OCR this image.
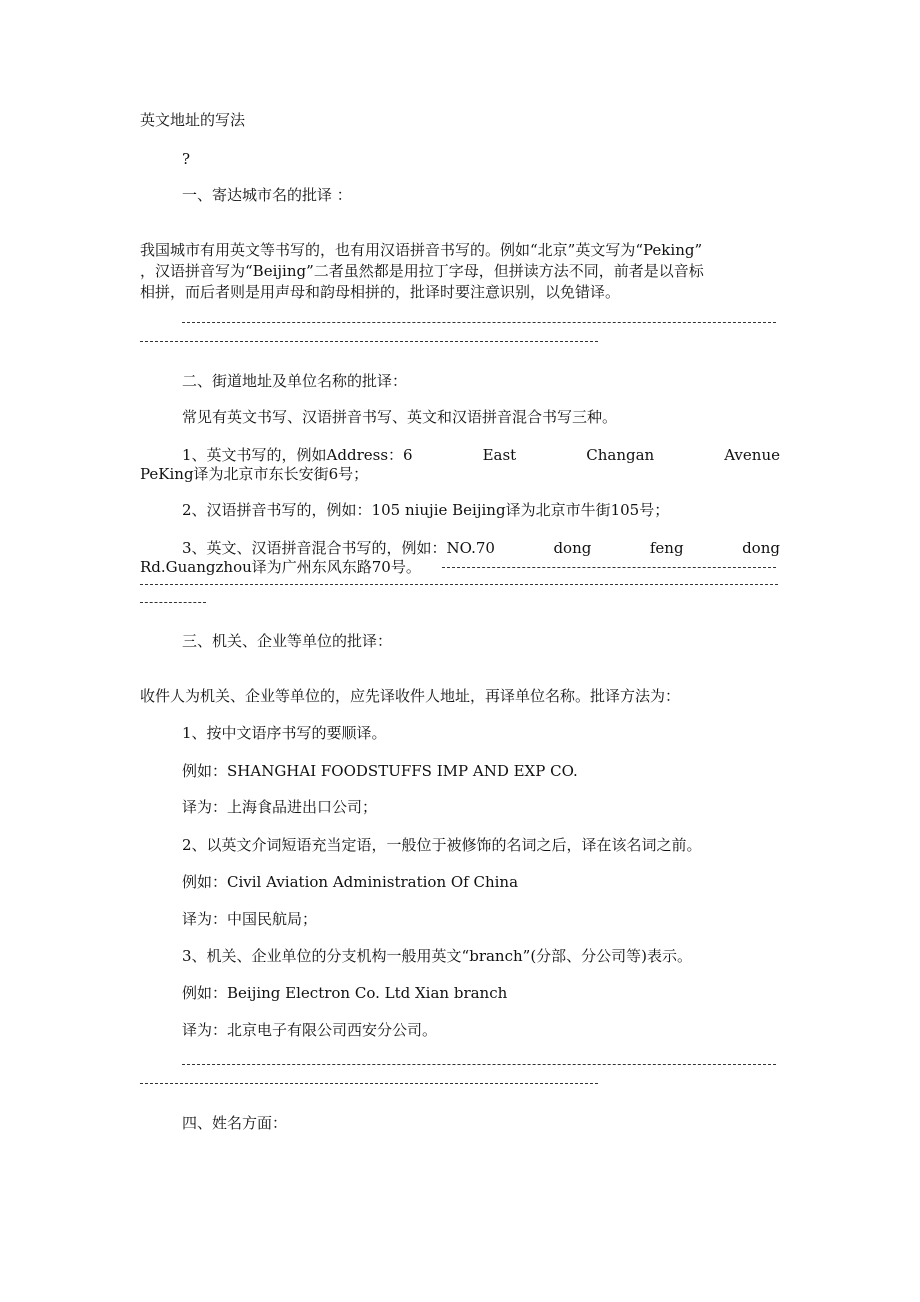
英文地址的写法
?
一、寄达城市名的批译 ：
我国城市有用英文等书写的，也有用汉语拼音书写的。例如“北京”英文写为“Peking”
，汉语拼音写为“Beijing”二者虽然都是用拉丁字母，但拼读方法不同，前者是以音标
相拼，而后者则是用声母和韵母相拼的，批译时要注意识别，以免错译。
二、街道地址及单位名称的批译：
常见有英文书写、汉语拼音书写、英文和汉语拼音混合书写三种。
1、英文书写的，例如Address：6	East	Changan	Avenue
PeKing译为北京市东长安街6号；
2、汉语拼音书写的，例如：105 niujie Beijing译为北京市牛街105号；
3、英文、汉语拼音混合书写的，例如：NO.70	dong	feng	dong
Rd.Guangzhou译为广州东风东路70号。
三、机关、企业等单位的批译：
收件人为机关、企业等单位的，应先译收件人地址，再译单位名称。批译方法为：
1、按中文语序书写的要顺译。
例如：SHANGHAI FOODSTUFFS IMP AND EXP CO.
译为：上海食品进出口公司；
2、以英文介词短语充当定语，一般位于被修饰的名词之后，译在该名词之前。
例如：Civil Aviation Administration Of China
译为：中国民航局；
3、机关、企业单位的分支机构一般用英文“branch”(分部、分公司等)表示。
例如：Beijing Electron Co. Ltd Xian branch
译为：北京电子有限公司西安分公司。
四、姓名方面：
